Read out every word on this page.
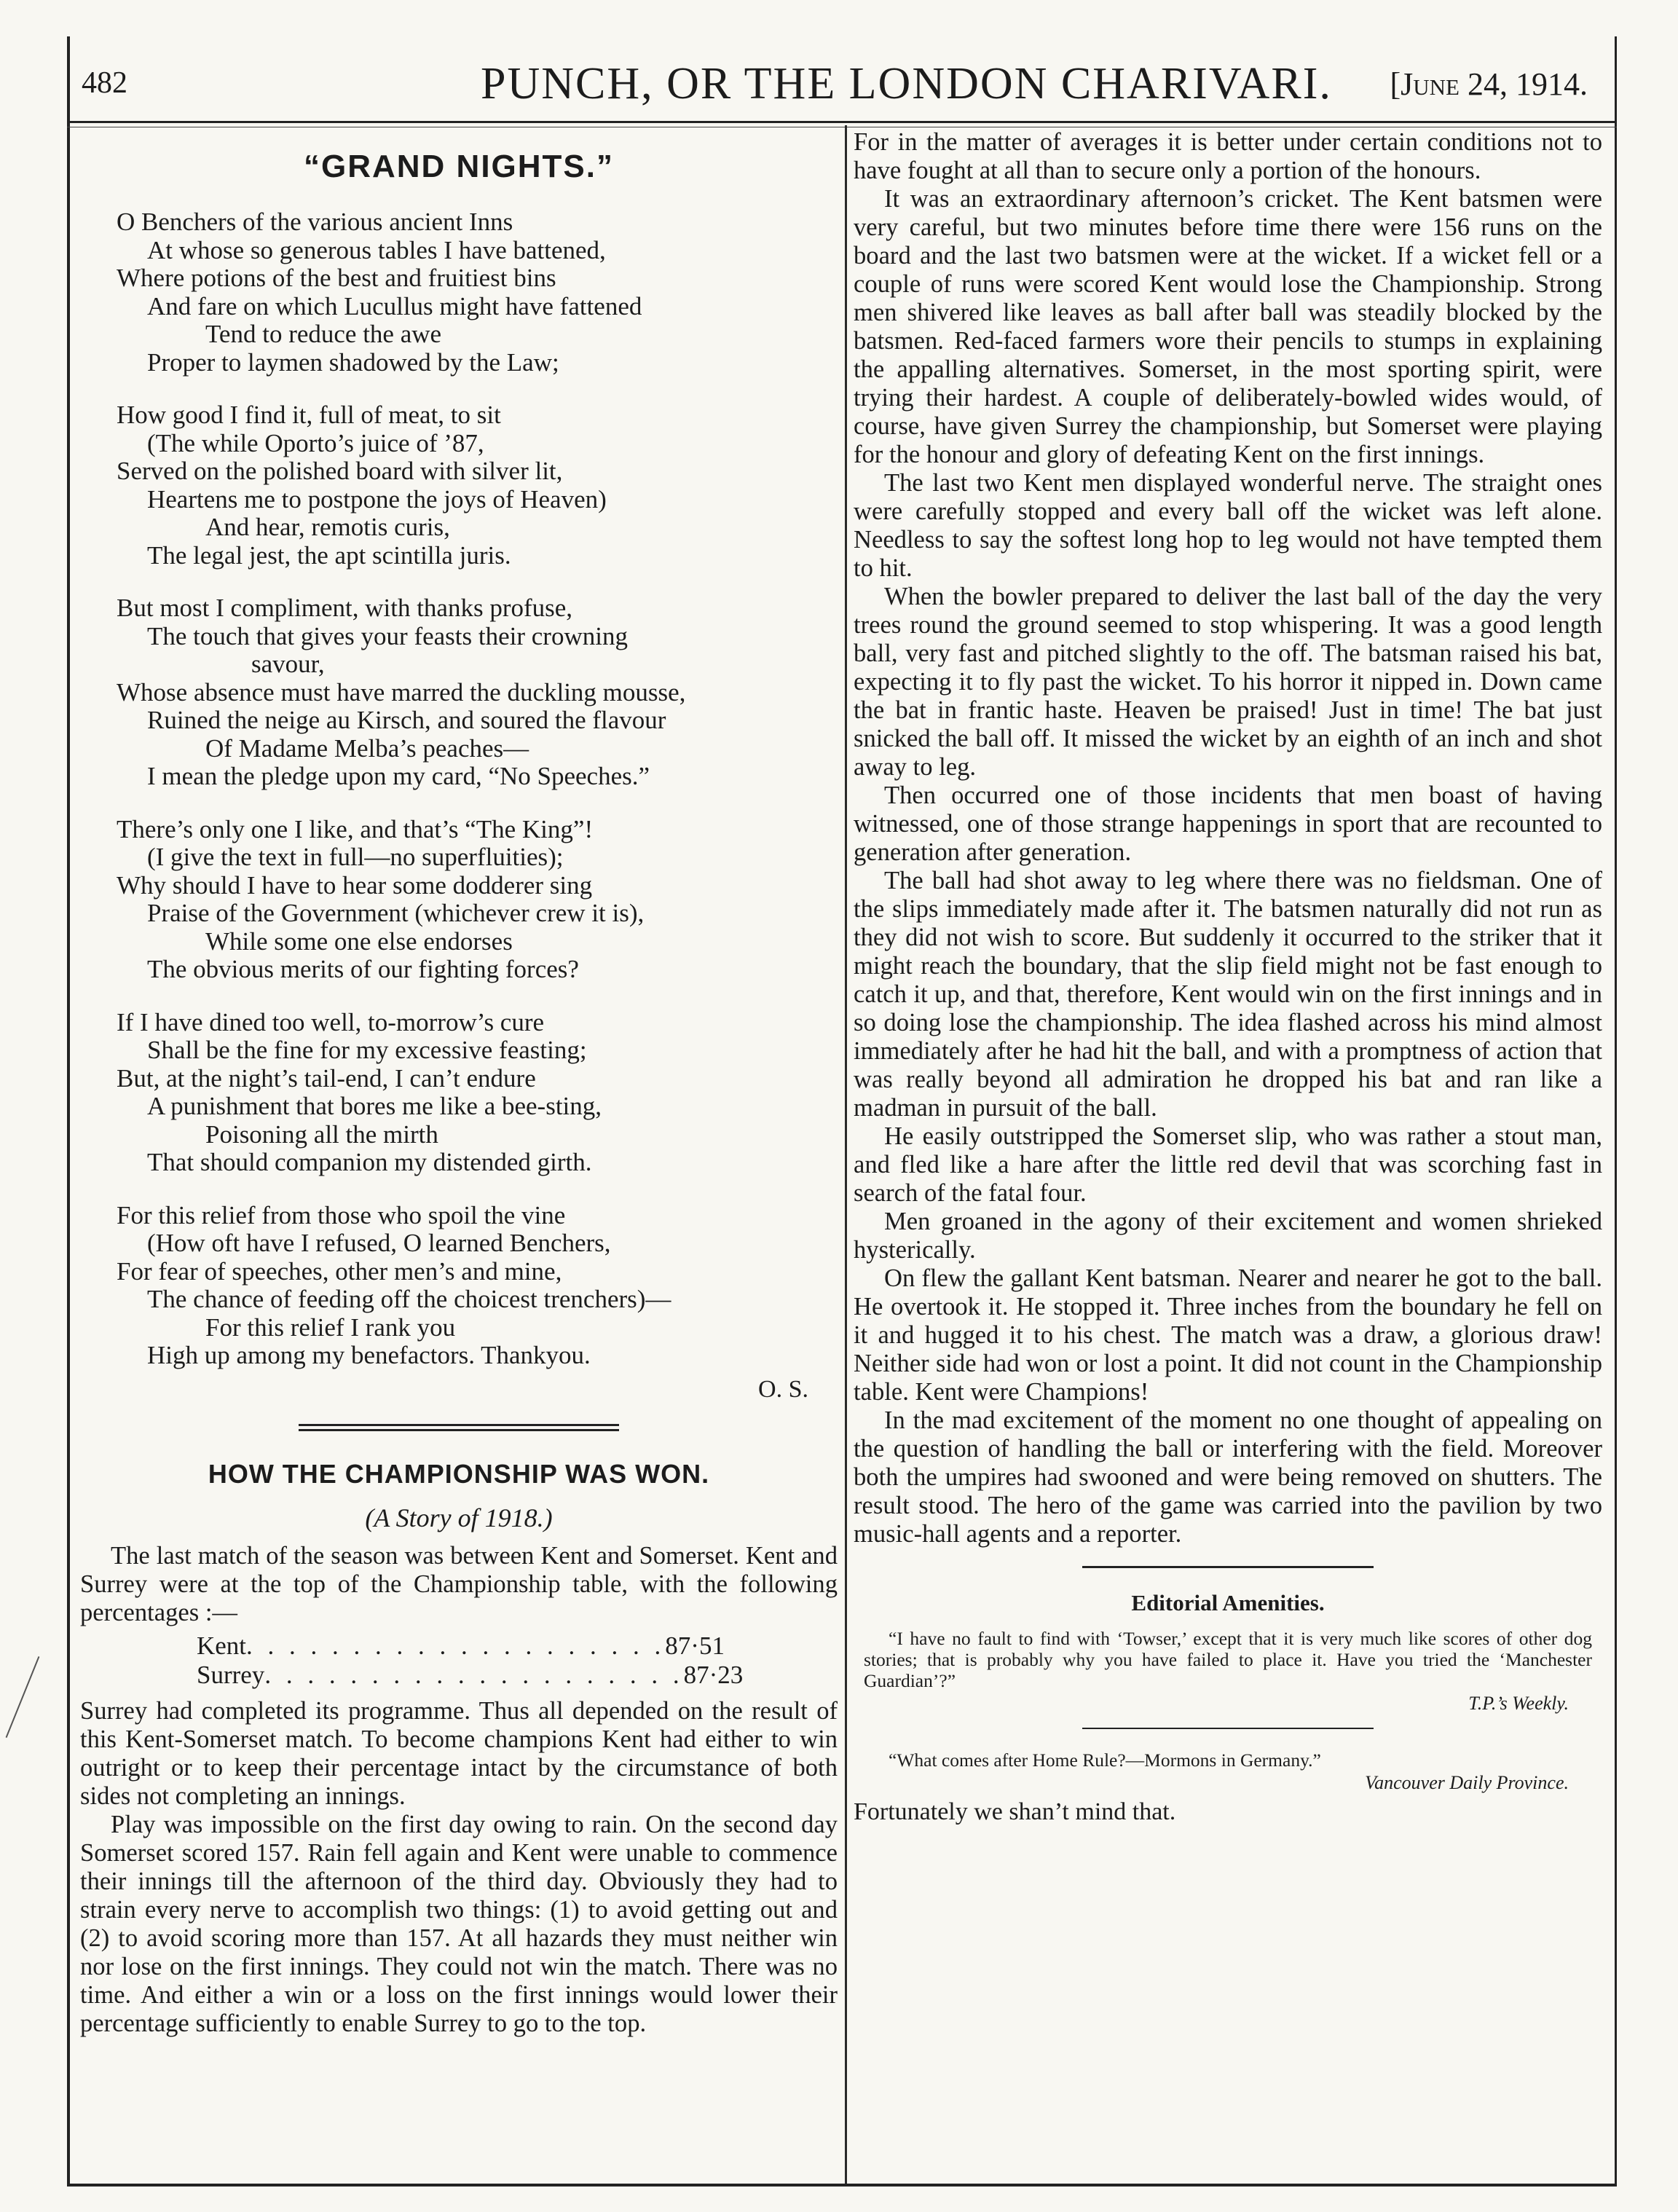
482	PUNCH, OR THE LONDON CHARIVARI. [June 24, 1914.
“GRAND NIGHTS.”
O Benchers of the various ancient Inns
At whose so generous tables I have battened,
Where potions of the best and fruitiest bins
And fare on which Lucullus might have fattened
Tend to reduce the awe
Proper to laymen shadowed by the Law;
How good I find it, full of meat, to sit
(The while Oporto’s juice of ’87,
Served on the polished board with silver lit,
Heartens me to postpone the joys of Heaven)
And hear, remotis curis,
The legal jest, the apt scintilla juris.
But most I compliment, with thanks profuse,
The touch that gives your feasts their crowning
savour,
Whose absence must have marred the duckling mousse,
Ruined the neige au Kirsch, and soured the flavour
Of Madame Melba’s peaches—
I mean the pledge upon my card, “No Speeches.”
There’s only one I like, and that’s “The King”!
(I give the text in full—no superfluities);
Why should I have to hear some dodderer sing
Praise of the Government (whichever crew it is),
While some one else endorses
The obvious merits of our fighting forces?
If I have dined too well, to-morrow’s cure
Shall be the fine for my excessive feasting;
But, at the night’s tail-end, I can’t endure
A punishment that bores me like a bee-sting,
Poisoning all the mirth
That should companion my distended girth.
For this relief from those who spoil the vine
(How oft have I refused, O learned Benchers,
For fear of speeches, other men’s and mine,
The chance of feeding off the choicest trenchers)—
For this relief I rank you
High up among my benefactors. Thankyou.
O. S.
HOW THE CHAMPIONSHIP WAS WON.
(A Story of 1918.)

The last match of the season was between Kent and Somerset. Kent and Surrey were at the top of the Championship table, with the following percentages :—

Kent . . . . . . . . . . . . . . . . . . . . 87·51
Surrey . . . . . . . . . . . . . . . . . . . . 87·23

Surrey had completed its programme. Thus all depended on the result of this Kent-Somerset match. To become champions Kent had either to win outright or to keep their percentage intact by the circumstance of both sides not completing an innings.

Play was impossible on the first day owing to rain. On the second day Somerset scored 157. Rain fell again and Kent were unable to commence their innings till the afternoon of the third day. Obviously they had to strain every nerve to accomplish two things: (1) to avoid getting out and (2) to avoid scoring more than 157. At all hazards they must neither win nor lose on the first innings. They could not win the match. There was no time. And either a win or a loss on the first innings would lower their percentage sufficiently to enable Surrey to go to the top.

For in the matter of averages it is better under certain conditions not to have fought at all than to secure only a portion of the honours.

It was an extraordinary afternoon’s cricket. The Kent batsmen were very careful, but two minutes before time there were 156 runs on the board and the last two batsmen were at the wicket. If a wicket fell or a couple of runs were scored Kent would lose the Championship. Strong men shivered like leaves as ball after ball was steadily blocked by the batsmen. Red-faced farmers wore their pencils to stumps in explaining the appalling alternatives. Somerset, in the most sporting spirit, were trying their hardest. A couple of deliberately-bowled wides would, of course, have given Surrey the championship, but Somerset were playing for the honour and glory of defeating Kent on the first innings.

The last two Kent men displayed wonderful nerve. The straight ones were carefully stopped and every ball off the wicket was left alone. Needless to say the softest long hop to leg would not have tempted them to hit.

When the bowler prepared to deliver the last ball of the day the very trees round the ground seemed to stop whispering. It was a good length ball, very fast and pitched slightly to the off. The batsman raised his bat, expecting it to fly past the wicket. To his horror it nipped in. Down came the bat in frantic haste. Heaven be praised! Just in time! The bat just snicked the ball off. It missed the wicket by an eighth of an inch and shot away to leg.

Then occurred one of those incidents that men boast of having witnessed, one of those strange happenings in sport that are recounted to generation after generation.

The ball had shot away to leg where there was no fieldsman. One of the slips immediately made after it. The batsmen naturally did not run as they did not wish to score. But suddenly it occurred to the striker that it might reach the boundary, that the slip field might not be fast enough to catch it up, and that, therefore, Kent would win on the first innings and in so doing lose the championship. The idea flashed across his mind almost immediately after he had hit the ball, and with a promptness of action that was really beyond all admiration he dropped his bat and ran like a madman in pursuit of the ball.

He easily outstripped the Somerset slip, who was rather a stout man, and fled like a hare after the little red devil that was scorching fast in search of the fatal four.

Men groaned in the agony of their excitement and women shrieked hysterically.

On flew the gallant Kent batsman. Nearer and nearer he got to the ball. He overtook it. He stopped it. Three inches from the boundary he fell on it and hugged it to his chest. The match was a draw, a glorious draw! Neither side had won or lost a point. It did not count in the Championship table. Kent were Champions!

In the mad excitement of the moment no one thought of appealing on the question of handling the ball or interfering with the field. Moreover both the umpires had swooned and were being removed on shutters. The result stood. The hero of the game was carried into the pavilion by two music-hall agents and a reporter.

Editorial Amenities.
“I have no fault to find with ‘Towser,’ except that it is very much like scores of other dog stories; that is probably why you have failed to place it. Have you tried the ‘Manchester Guardian’?”
T.P.’s Weekly.
“What comes after Home Rule?—Mormons in Germany.”
Vancouver Daily Province.
Fortunately we shan’t mind that.
